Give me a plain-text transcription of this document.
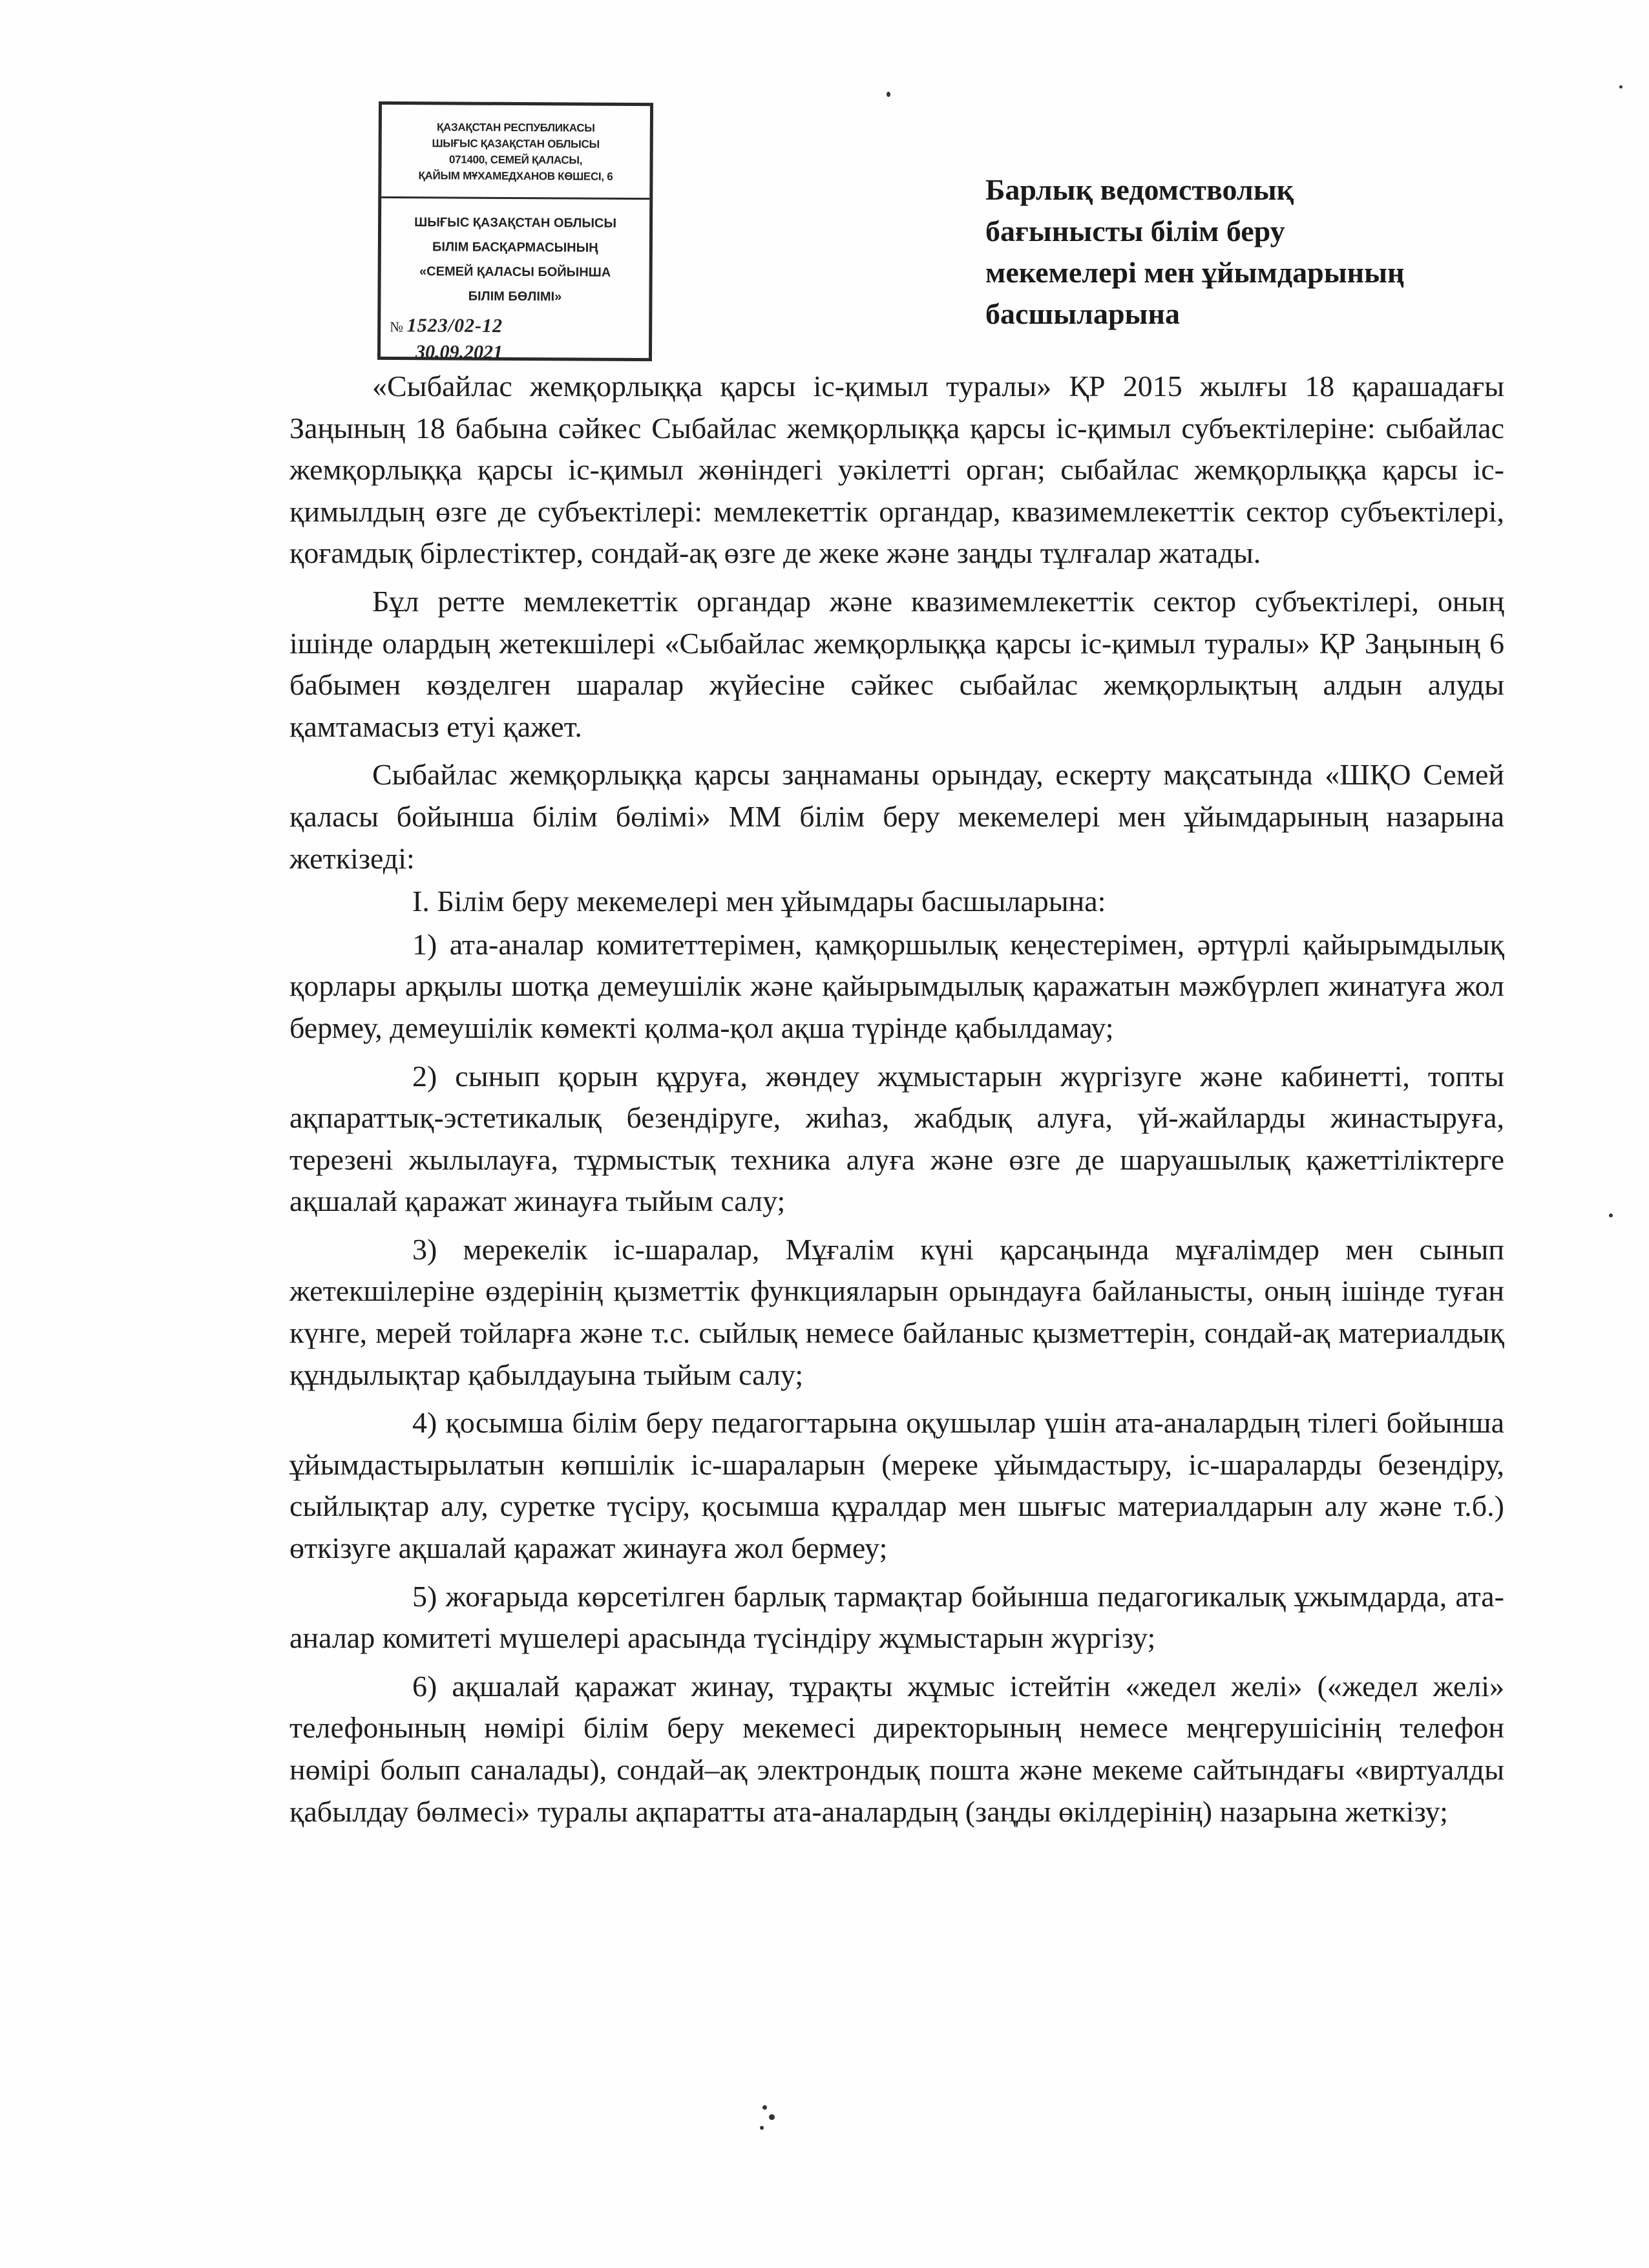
ҚАЗАҚСТАН РЕСПУБЛИКАСЫ
ШЫҒЫС ҚАЗАҚСТАН ОБЛЫСЫ
071400, СЕМЕЙ ҚАЛАСЫ,
ҚАЙЫМ МҰХАМЕДХАНОВ КӨШЕСІ, 6
ШЫҒЫС ҚАЗАҚСТАН ОБЛЫСЫ
БІЛІМ БАСҚАРМАСЫНЫҢ
«СЕМЕЙ ҚАЛАСЫ БОЙЫНША
БІЛІМ БӨЛІМІ»
№ 1523/02-12
30.09.2021
Барлық ведомстволық
бағынысты білім беру
мекемелері мен ұйымдарының
басшыларына

«Сыбайлас жемқорлыққа қарсы іс-қимыл туралы» ҚР 2015 жылғы 18 қарашадағы Заңының 18 бабына сәйкес Сыбайлас жемқорлыққа қарсы іс-қимыл субъектілеріне: сыбайлас жемқорлыққа қарсы іс-қимыл жөніндегі уәкілетті орган; сыбайлас жемқорлыққа қарсы іс-қимылдың өзге де субъектілері: мемлекеттік органдар, квазимемлекеттік сектор субъектілері, қоғамдық бірлестіктер, сондай-ақ өзге де жеке және заңды тұлғалар жатады.

Бұл ретте мемлекеттік органдар және квазимемлекеттік сектор субъектілері, оның ішінде олардың жетекшілері «Сыбайлас жемқорлыққа қарсы іс-қимыл туралы» ҚР Заңының 6 бабымен көзделген шаралар жүйесіне сәйкес сыбайлас жемқорлықтың алдын алуды қамтамасыз етуі қажет.

Сыбайлас жемқорлыққа қарсы заңнаманы орындау, ескерту мақсатында «ШҚО Семей қаласы бойынша білім бөлімі» ММ білім беру мекемелері мен ұйымдарының назарына жеткізеді:

І. Білім беру мекемелері мен ұйымдары басшыларына:

1) ата-аналар комитеттерімен, қамқоршылық кеңестерімен, әртүрлі қайырымдылық қорлары арқылы шотқа демеушілік және қайырымдылық қаражатын мәжбүрлеп жинатуға жол бермеу, демеушілік көмекті қолма-қол ақша түрінде қабылдамау;

2) сынып қорын құруға, жөндеу жұмыстарын жүргізуге және кабинетті, топты ақпараттық-эстетикалық безендіруге, жиһаз, жабдық алуға, үй-жайларды жинастыруға, терезені жылылауға, тұрмыстық техника алуға және өзге де шаруашылық қажеттіліктерге ақшалай қаражат жинауға тыйым салу;

3) мерекелік іс-шаралар, Мұғалім күні қарсаңында мұғалімдер мен сынып жетекшілеріне өздерінің қызметтік функцияларын орындауға байланысты, оның ішінде туған күнге, мерей тойларға және т.с. сыйлық немесе байланыс қызметтерін, сондай-ақ материалдық құндылықтар қабылдауына тыйым салу;

4) қосымша білім беру педагогтарына оқушылар үшін ата-аналардың тілегі бойынша ұйымдастырылатын көпшілік іс-шараларын (мереке ұйымдастыру, іс-шараларды безендіру, сыйлықтар алу, суретке түсіру, қосымша құралдар мен шығыс материалдарын алу және т.б.) өткізуге ақшалай қаражат жинауға жол бермеу;

5) жоғарыда көрсетілген барлық тармақтар бойынша педагогикалық ұжымдарда, ата-аналар комитеті мүшелері арасында түсіндіру жұмыстарын жүргізу;

6) ақшалай қаражат жинау, тұрақты жұмыс істейтін «жедел желі» («жедел желі» телефонының нөмірі білім беру мекемесі директорының немесе меңгерушісінің телефон нөмірі болып саналады), сондай–ақ электрондық пошта және мекеме сайтындағы «виртуалды қабылдау бөлмесі» туралы ақпаратты ата-аналардың (заңды өкілдерінің) назарына жеткізу;
